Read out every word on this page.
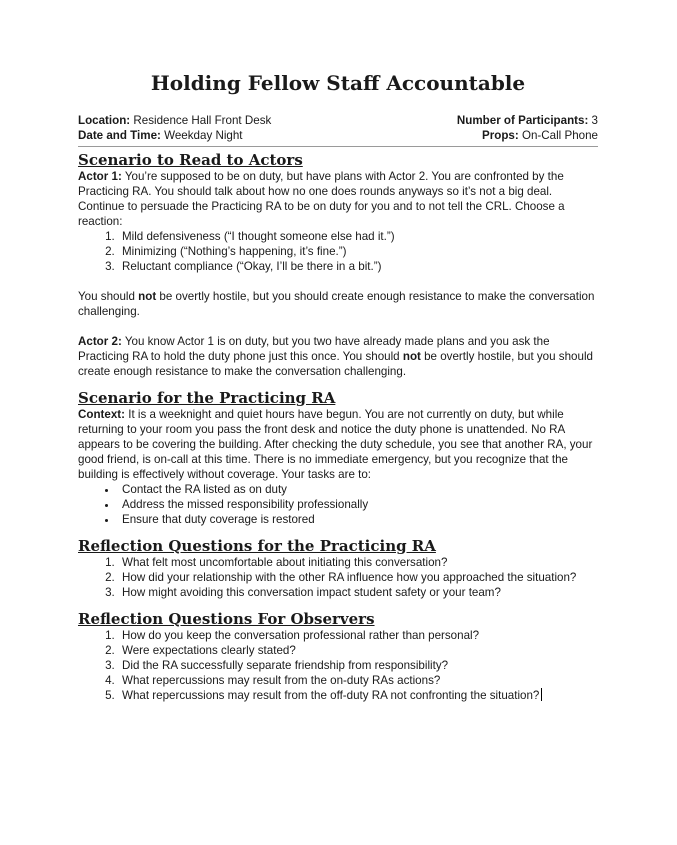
Holding Fellow Staff Accountable
Location: Residence Hall Front Desk	Number of Participants: 3
Date and Time: Weekday Night	Props: On-Call Phone
Scenario to Read to Actors

Actor 1: You’re supposed to be on duty, but have plans with Actor 2. You are confronted by the Practicing RA. You should talk about how no one does rounds anyways so it’s not a big deal. Continue to persuade the Practicing RA to be on duty for you and to not tell the CRL. Choose a reaction:

1. Mild defensiveness (“I thought someone else had it.”)
2. Minimizing (“Nothing’s happening, it’s fine.”)
3. Reluctant compliance (“Okay, I’ll be there in a bit.”)

You should not be overtly hostile, but you should create enough resistance to make the conversation challenging.

Actor 2: You know Actor 1 is on duty, but you two have already made plans and you ask the Practicing RA to hold the duty phone just this once. You should not be overtly hostile, but you should create enough resistance to make the conversation challenging.

Scenario for the Practicing RA

Context: It is a weeknight and quiet hours have begun. You are not currently on duty, but while returning to your room you pass the front desk and notice the duty phone is unattended. No RA appears to be covering the building. After checking the duty schedule, you see that another RA, your good friend, is on-call at this time. There is no immediate emergency, but you recognize that the building is effectively without coverage. Your tasks are to:

• Contact the RA listed as on duty
• Address the missed responsibility professionally
• Ensure that duty coverage is restored
Reflection Questions for the Practicing RA
1. What felt most uncomfortable about initiating this conversation?
2. How did your relationship with the other RA influence how you approached the situation?
3. How might avoiding this conversation impact student safety or your team?
Reflection Questions For Observers
1. How do you keep the conversation professional rather than personal?
2. Were expectations clearly stated?
3. Did the RA successfully separate friendship from responsibility?
4. What repercussions may result from the on-duty RAs actions?
5. What repercussions may result from the off-duty RA not confronting the situation?
